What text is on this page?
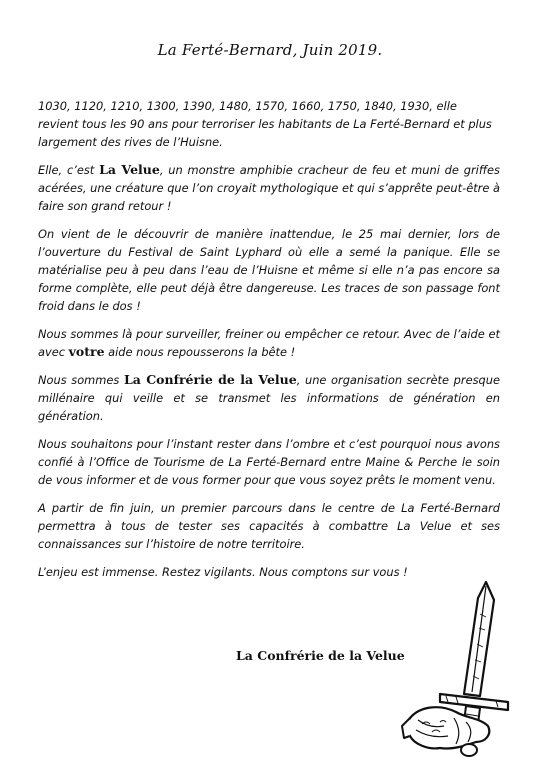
La Ferté-Bernard, Juin 2019.

1030, 1120, 1210, 1300, 1390, 1480, 1570, 1660, 1750, 1840, 1930, elle revient tous les 90 ans pour terroriser les habitants de La Ferté-Bernard et plus largement des rives de l’Huisne.

Elle, c’est La Velue, un monstre amphibie cracheur de feu et muni de griffes acérées, une créature que l’on croyait mythologique et qui s’apprête peut-être à faire son grand retour !

On vient de le découvrir de manière inattendue, le 25 mai dernier, lors de l’ouverture du Festival de Saint Lyphard où elle a semé la panique. Elle se matérialise peu à peu dans l’eau de l’Huisne et même si elle n’a pas encore sa forme complète, elle peut déjà être dangereuse. Les traces de son passage font froid dans le dos !

Nous sommes là pour surveiller, freiner ou empêcher ce retour. Avec de l’aide et avec votre aide nous repousserons la bête !

Nous sommes La Confrérie de la Velue, une organisation secrète presque millénaire qui veille et se transmet les informations de génération en génération.

Nous souhaitons pour l’instant rester dans l’ombre et c’est pourquoi nous avons confié à l’Office de Tourisme de La Ferté-Bernard entre Maine & Perche le soin de vous informer et de vous former pour que vous soyez prêts le moment venu.

A partir de fin juin, un premier parcours dans le centre de La Ferté-Bernard permettra à tous de tester ses capacités à combattre La Velue et ses connaissances sur l’histoire de notre territoire.

L’enjeu est immense. Restez vigilants. Nous comptons sur vous !

La Confrérie de la Velue
